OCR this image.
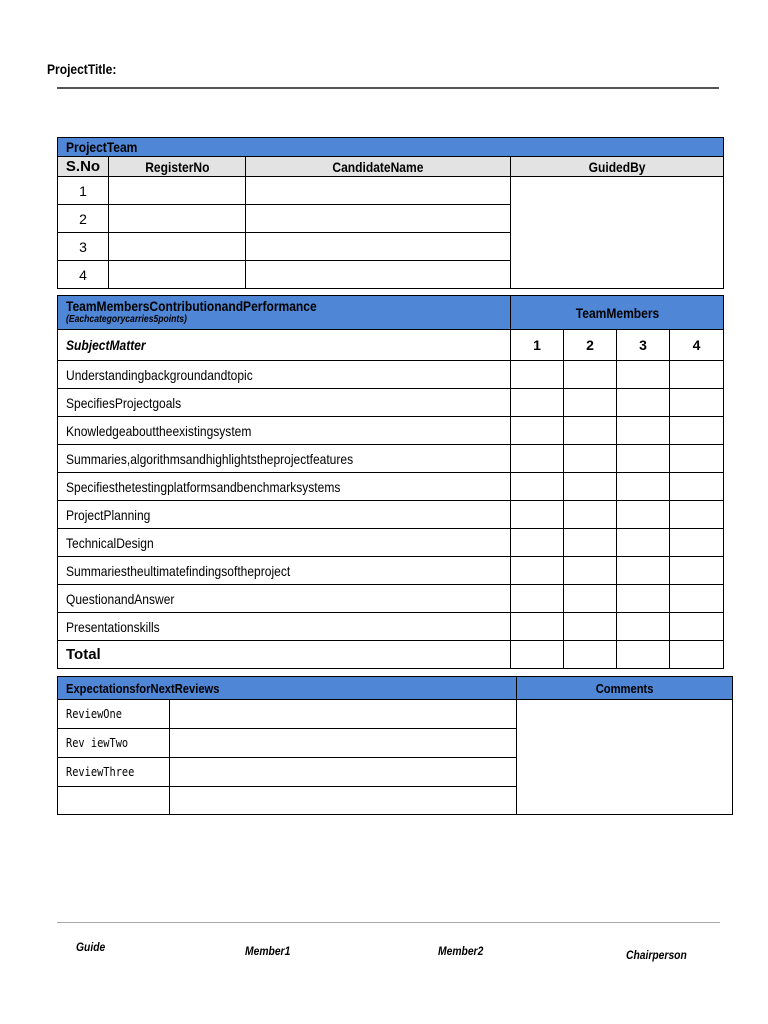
ProjectTitle:
ProjectTeam			
S.No	RegisterNo	CandidateName	GuidedBy
1			
2			
3			
4			
TeamMembersContributionandPerformance
(Eachcategorycarries5points)	TeamMembers			
SubjectMatter	1	2	3	4
Understandingbackgroundandtopic				
SpecifiesProjectgoals				
Knowledgeabouttheexistingsystem				
Summaries,algorithmsandhighlightstheprojectfeatures				
Specifiesthetestingplatformsandbenchmarksystems				
ProjectPlanning				
TechnicalDesign				
Summariestheultimatefindingsoftheproject				
QuestionandAnswer				
Presentationskills				
Total				
ExpectationsforNextReviews		Comments
ReviewOne		
Rev iewTwo		
ReviewThree		

Guide	Member1	Member2	Chairperson
